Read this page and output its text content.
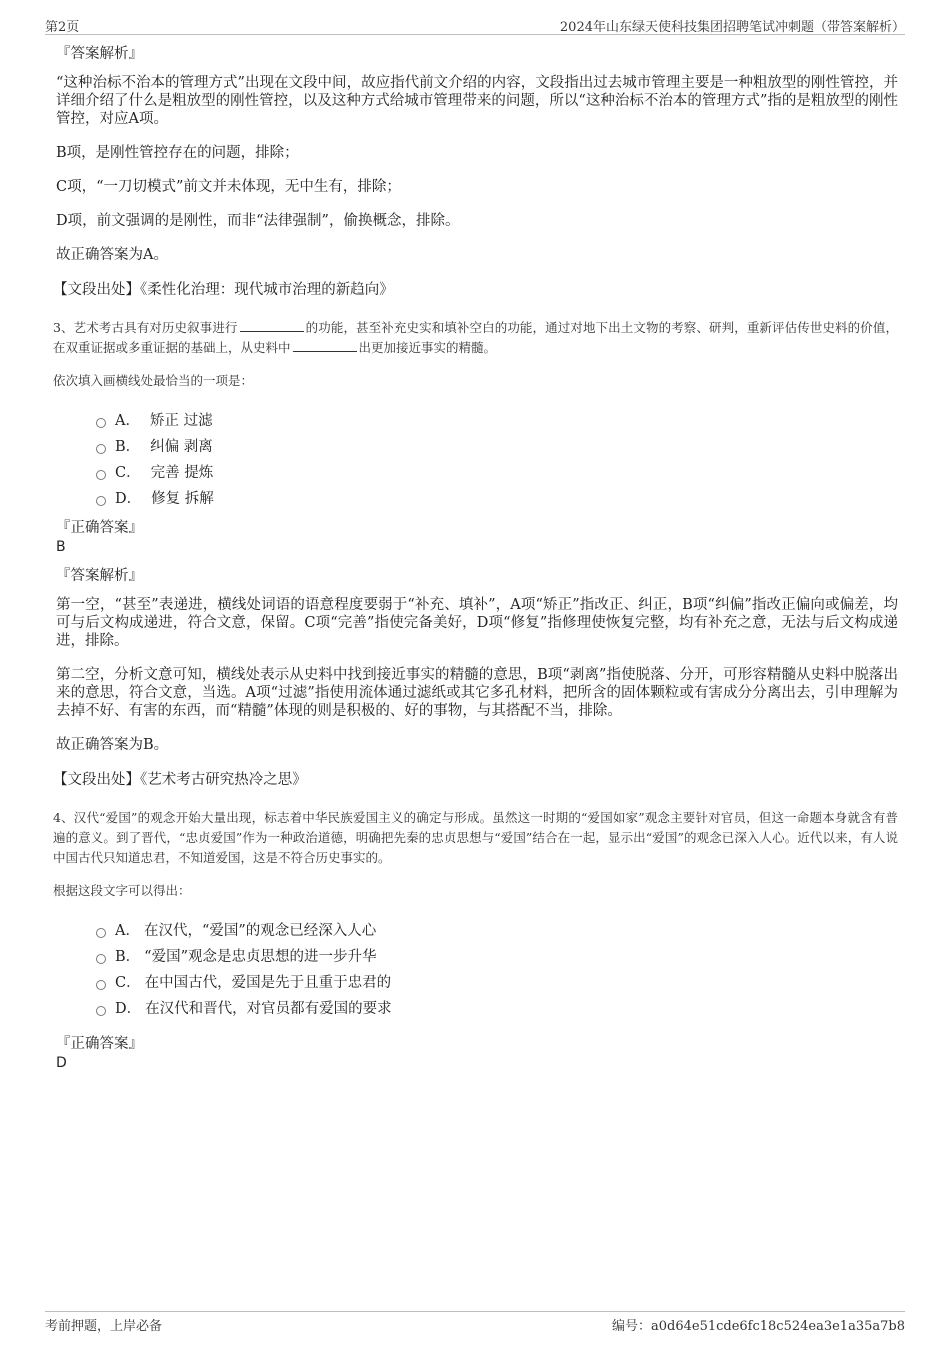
第2页	2024年山东绿天使科技集团招聘笔试冲刺题（带答案解析）
『答案解析』

“这种治标不治本的管理方式”出现在文段中间，故应指代前文介绍的内容，文段指出过去城市管理主要是一种粗放型的刚性管控，并详细介绍了什么是粗放型的刚性管控，以及这种方式给城市管理带来的问题，所以“这种治标不治本的管理方式”指的是粗放型的刚性管控，对应A项。

B项，是刚性管控存在的问题，排除；

C项，“一刀切模式”前文并未体现，无中生有，排除；

D项，前文强调的是刚性，而非“法律强制”，偷换概念，排除。

故正确答案为A。

【文段出处】《柔性化治理：现代城市治理的新趋向》

3、艺术考古具有对历史叙事进行	的功能，甚至补充史实和填补空白的功能，通过对地下出土文物的考察、研判，重新评估传世史料的价值，在双重证据或多重证据的基础上，从史料中	出更加接近事实的精髓。

依次填入画横线处最恰当的一项是：
A． 矫正 过滤
B． 纠偏 剥离
C． 完善 提炼
D． 修复 拆解
『正确答案』
B
『答案解析』

第一空，“甚至”表递进，横线处词语的语意程度要弱于“补充、填补”，A项“矫正”指改正、纠正，B项“纠偏”指改正偏向或偏差，均可与后文构成递进，符合文意，保留。C项“完善”指使完备美好，D项“修复”指修理使恢复完整，均有补充之意，无法与后文构成递进，排除。

第二空，分析文意可知，横线处表示从史料中找到接近事实的精髓的意思，B项“剥离”指使脱落、分开，可形容精髓从史料中脱落出来的意思，符合文意，当选。A项“过滤”指使用流体通过滤纸或其它多孔材料，把所含的固体颗粒或有害成分分离出去，引申理解为去掉不好、有害的东西，而“精髓”体现的则是积极的、好的事物，与其搭配不当，排除。

故正确答案为B。

【文段出处】《艺术考古研究热冷之思》

4、汉代“爱国”的观念开始大量出现，标志着中华民族爱国主义的确定与形成。虽然这一时期的“爱国如家”观念主要针对官员，但这一命题本身就含有普遍的意义。到了晋代，“忠贞爱国”作为一种政治道德，明确把先秦的忠贞思想与“爱国”结合在一起，显示出“爱国”的观念已深入人心。近代以来，有人说中国古代只知道忠君，不知道爱国，这是不符合历史事实的。

根据这段文字可以得出：
A． 在汉代，“爱国”的观念已经深入人心
B． “爱国”观念是忠贞思想的进一步升华
C． 在中国古代，爱国是先于且重于忠君的
D． 在汉代和晋代，对官员都有爱国的要求
『正确答案』
D
考前押题，上岸必备	编号：a0d64e51cde6fc18c524ea3e1a35a7b8
